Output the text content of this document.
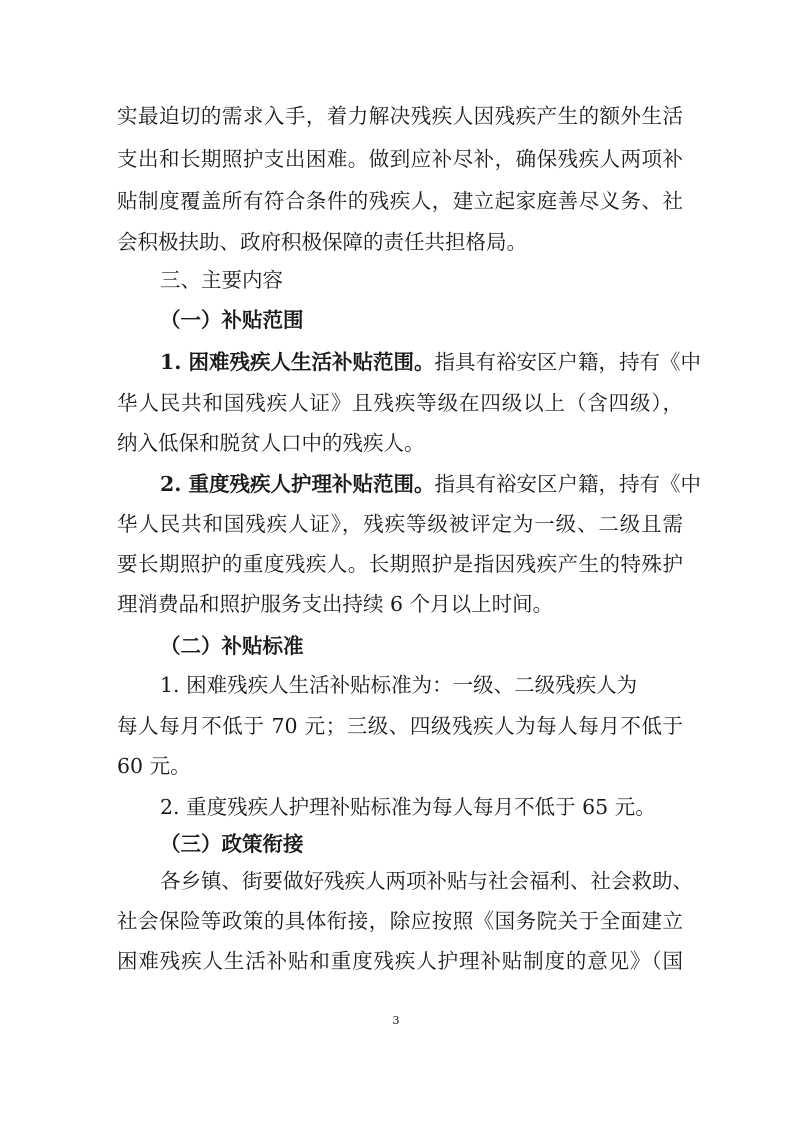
实最迫切的需求入手，着力解决残疾人因残疾产生的额外生活
支出和长期照护支出困难。做到应补尽补，确保残疾人两项补
贴制度覆盖所有符合条件的残疾人，建立起家庭善尽义务、社
会积极扶助、政府积极保障的责任共担格局。
三、主要内容
（一）补贴范围
1. 困难残疾人生活补贴范围。 指具有裕安区户籍，持有《中
华人民共和国残疾人证》且残疾等级在四级以上（含四级），
纳入低保和脱贫人口中的残疾人。
2. 重度残疾人护理补贴范围。 指具有裕安区户籍，持有《中
华人民共和国残疾人证》，残疾等级被评定为一级、二级且需
要长期照护的重度残疾人。长期照护是指因残疾产生的特殊护
理消费品和照护服务支出持续 6 个月以上时间。
（二）补贴标准
1. 困难残疾人生活补贴标准为：一级、二级残疾人为
每人每月不低于 70 元；三级、四级残疾人为每人每月不低于
60 元。
2. 重度残疾人护理补贴标准为每人每月不低于 65 元。
（三）政策衔接
各乡镇、街要做好残疾人两项补贴与社会福利、社会救助、
3
社会保险等政策的具体衔接，除应按照《国务院关于全面建立
困难残疾人生活补贴和重度残疾人护理补贴制度的意见》（国
